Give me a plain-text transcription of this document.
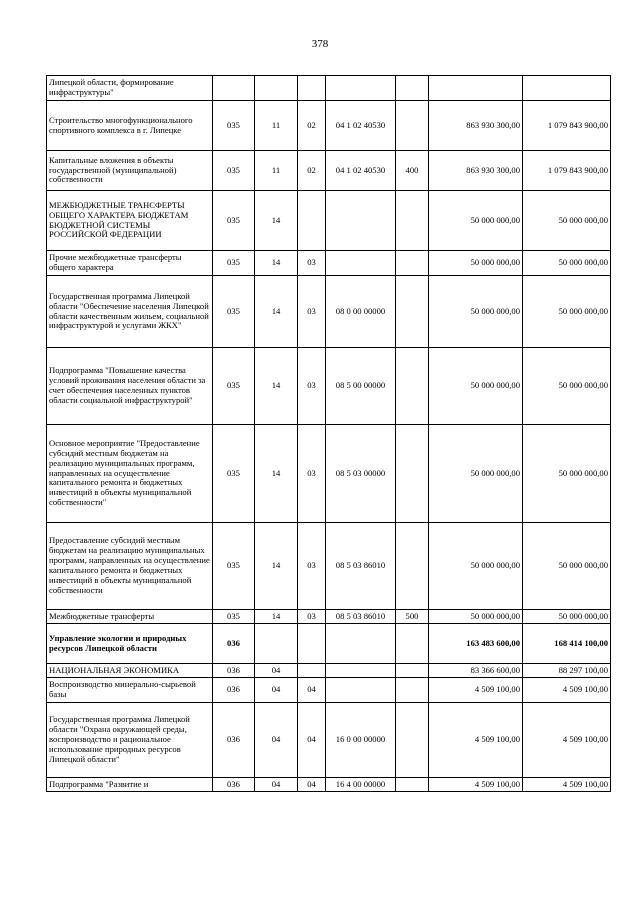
378
Липецкой области, формирование инфраструктуры"							
Строительство многофункционального спортивного комплекса в г. Липецке	035	11	02	04 1 02 40530		863 930 300,00	1 079 843 900,00
Капитальные вложения в объекты государственной (муниципальной) собственности	035	11	02	04 1 02 40530	400	863 930 300,00	1 079 843 900,00
МЕЖБЮДЖЕТНЫЕ ТРАНСФЕРТЫ ОБЩЕГО ХАРАКТЕРА БЮДЖЕТАМ БЮДЖЕТНОЙ СИСТЕМЫ РОССИЙСКОЙ ФЕДЕРАЦИИ	035	14				50 000 000,00	50 000 000,00
Прочие межбюджетные трансферты общего характера	035	14	03			50 000 000,00	50 000 000,00
Государственная программа Липецкой области "Обеспечение населения Липецкой области качественным жильем, социальной инфраструктурой и услугами ЖКХ"	035	14	03	08 0 00 00000		50 000 000,00	50 000 000,00
Подпрограмма "Повышение качества условий проживания населения области за счет обеспечения населенных пунктов области социальной инфраструктурой"	035	14	03	08 5 00 00000		50 000 000,00	50 000 000,00
Основное мероприятие "Предоставление субсидий местным бюджетам на реализацию муниципальных программ, направленных на осуществление капитального ремонта и бюджетных инвестиций в объекты муниципальной собственности"	035	14	03	08 5 03 00000		50 000 000,00	50 000 000,00
Предоставление субсидий местным бюджетам на реализацию муниципальных программ, направленных на осуществление капитального ремонта и бюджетных инвестиций в объекты муниципальной собственности	035	14	03	08 5 03 86010		50 000 000,00	50 000 000,00
Межбюджетные трансферты	035	14	03	08 5 03 86010	500	50 000 000,00	50 000 000,00
Управление экологии и природных ресурсов Липецкой области	036					163 483 600,00	168 414 100,00
НАЦИОНАЛЬНАЯ ЭКОНОМИКА	036	04				83 366 600,00	88 297 100,00
Воспроизводство минерально-сырьевой базы	036	04	04			4 509 100,00	4 509 100,00
Государственная программа Липецкой области "Охрана окружающей среды, воспроизводство и рациональное использование природных ресурсов Липецкой области"	036	04	04	16 0 00 00000		4 509 100,00	4 509 100,00
Подпрограмма "Развитие и	036	04	04	16 4 00 00000		4 509 100,00	4 509 100,00
